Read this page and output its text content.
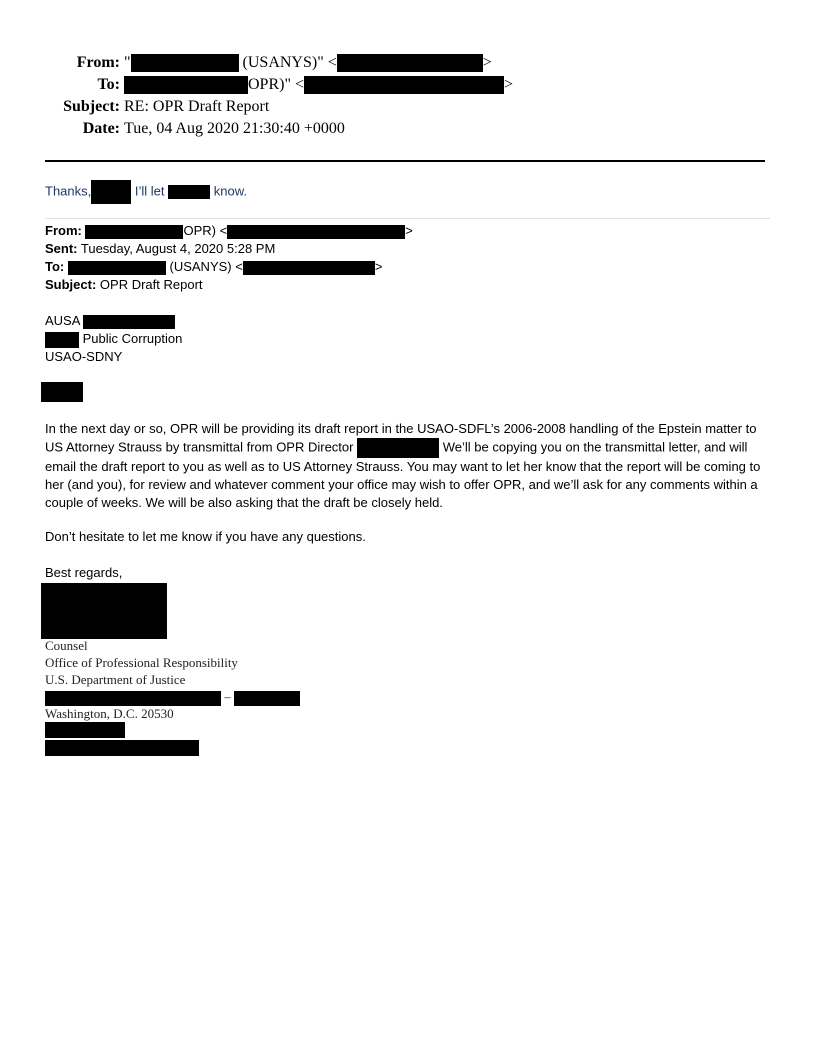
From: "	(USANYS)" <	>
To:	OPR)" <	>
Subject: RE: OPR Draft Report
Date: Tue, 04 Aug 2020 21:30:40 +0000
Thanks,	I’ll let	know.
From:	OPR) <	>
Sent: Tuesday, August 4, 2020 5:28 PM
To:	(USANYS) <	>
Subject: OPR Draft Report
AUSA
Public Corruption
USAO-SDNY
In the next day or so, OPR will be providing its draft report in the USAO-SDFL’s 2006-2008 handling of the Epstein matter to US Attorney Strauss by transmittal from OPR Director	We’ll be copying you on the transmittal letter, and will email the draft report to you as well as to US Attorney Strauss. You may want to let her know that the report will be coming to her (and you), for review and whatever comment your office may wish to offer OPR, and we’ll ask for any comments within a couple of weeks. We will be also asking that the draft be closely held.
Don’t hesitate to let me know if you have any questions.
Best regards,
Counsel
Office of Professional Responsibility
U.S. Department of Justice
–
Washington, D.C. 20530
